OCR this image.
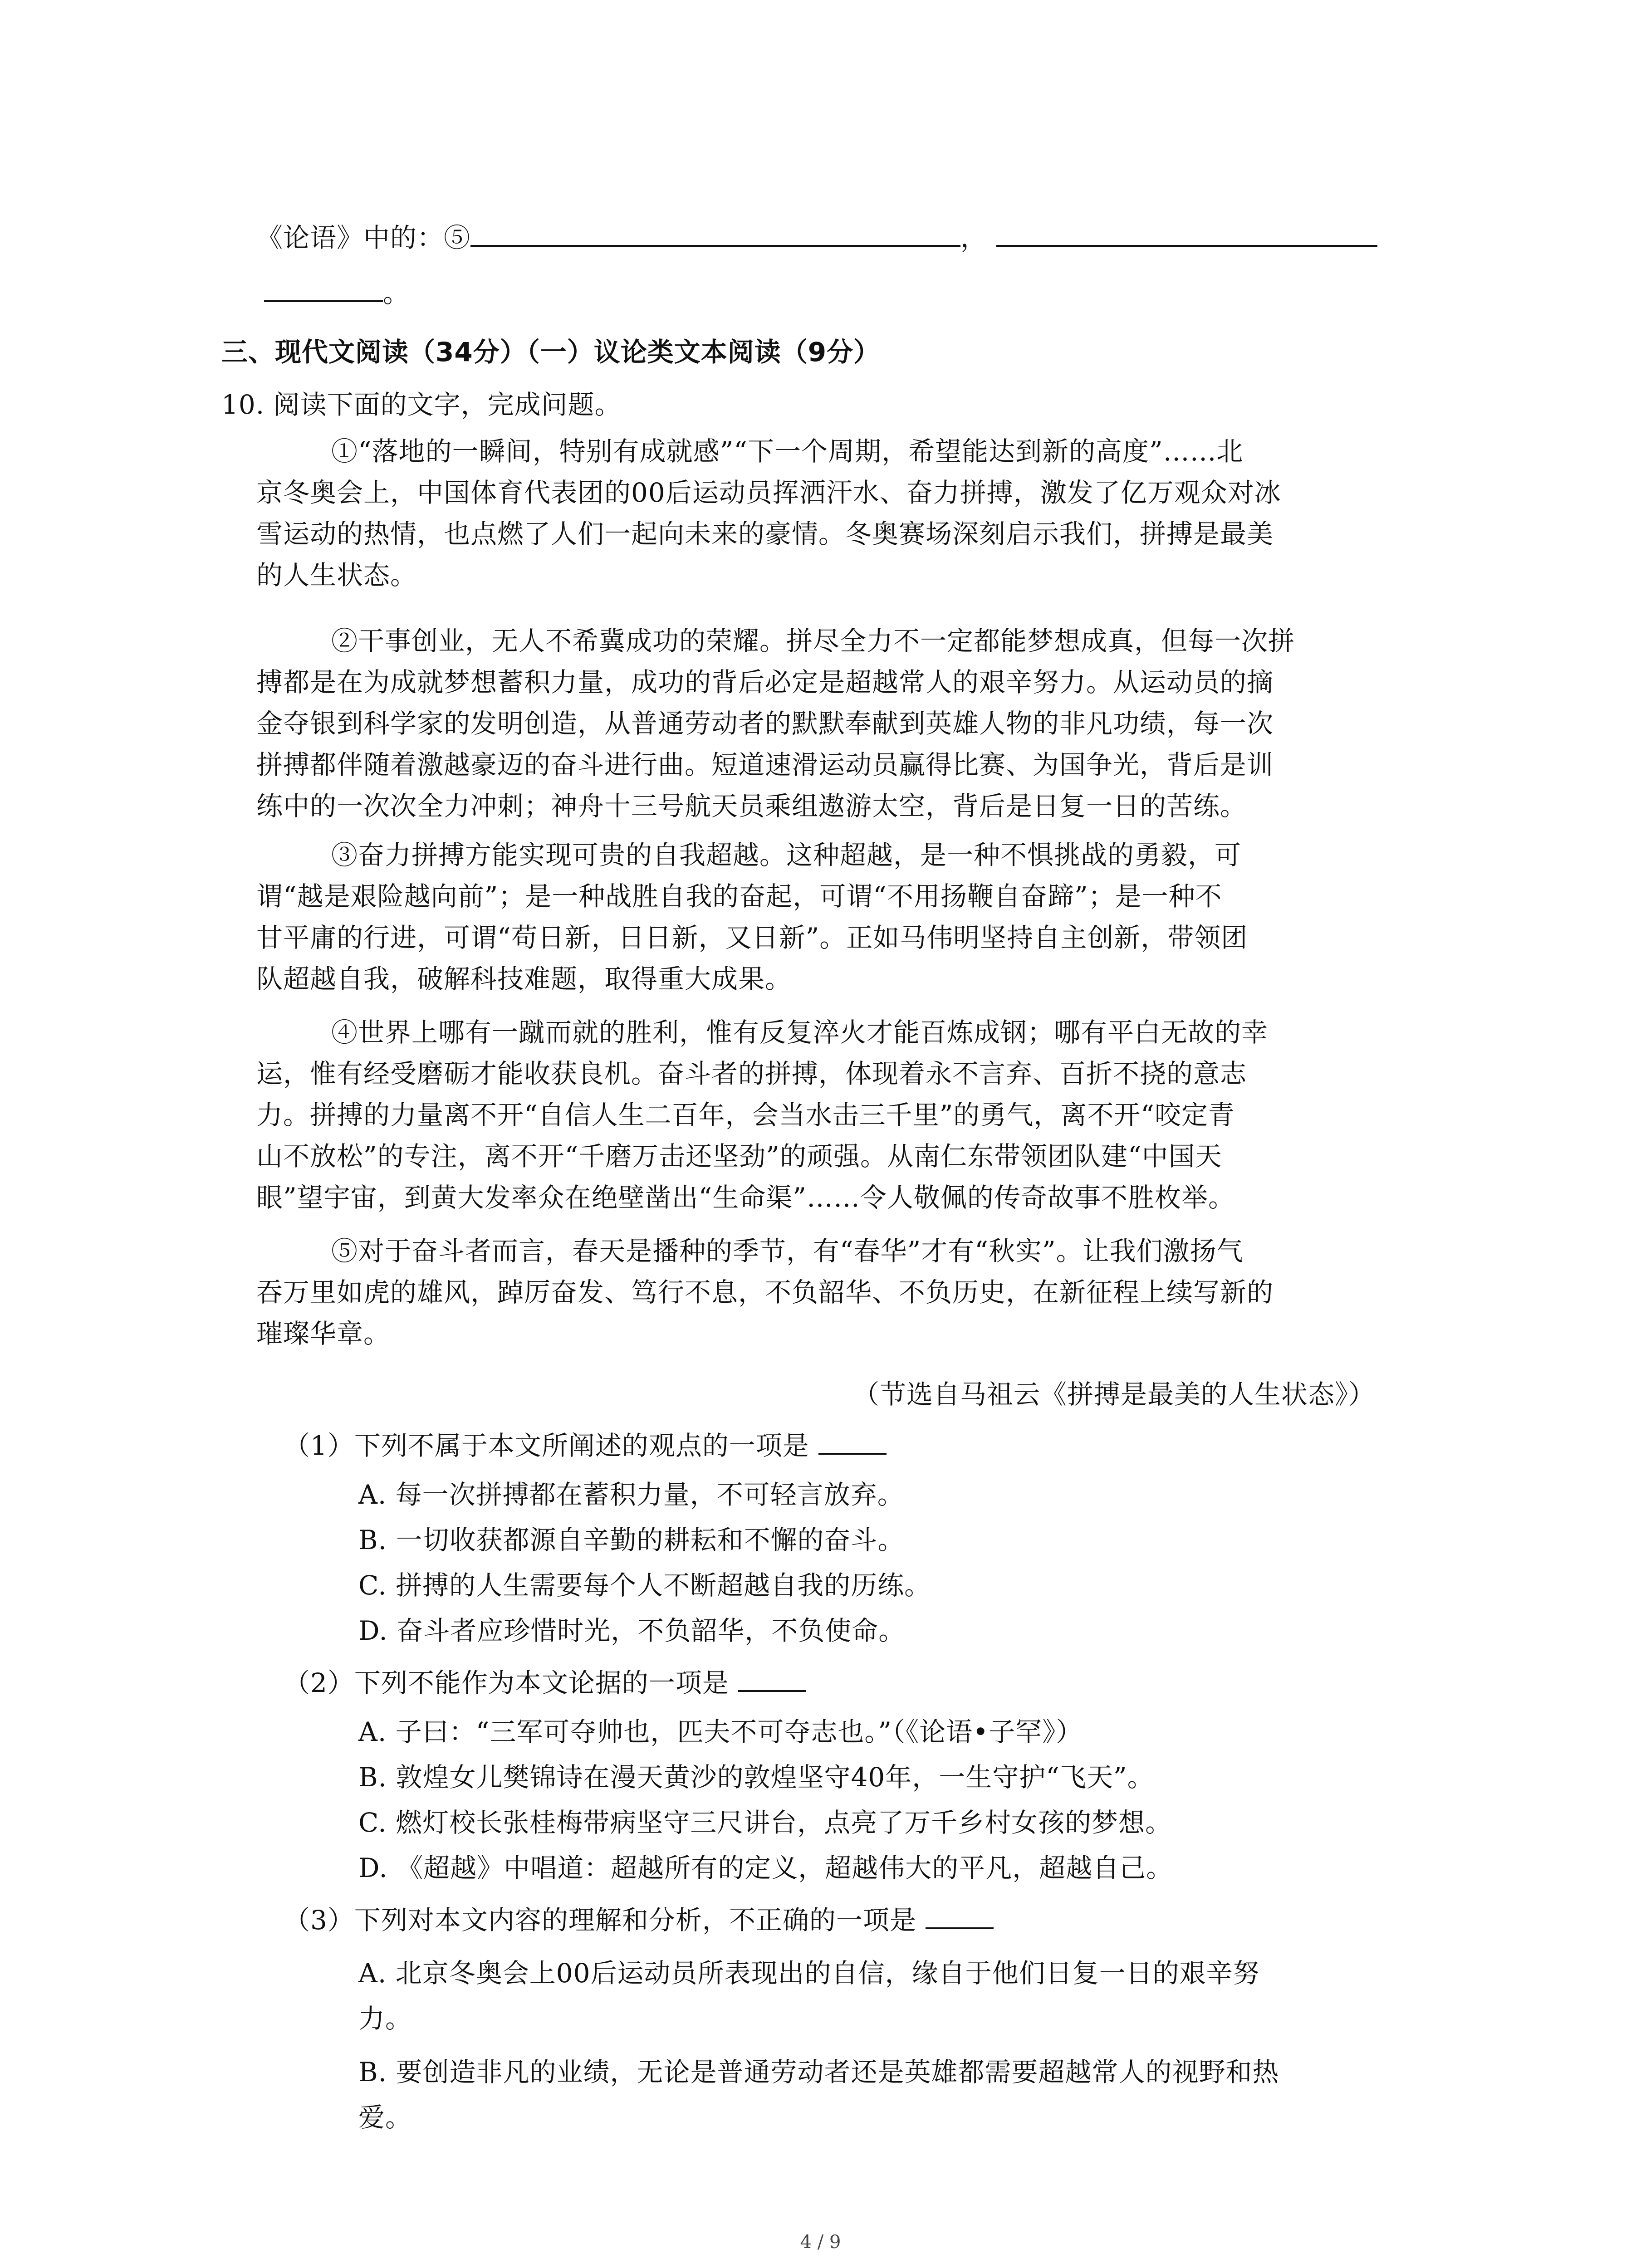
《论语》中的：⑤	，
。
三、现代文阅读（34分）（一）议论类文本阅读（9分）
10. 阅读下面的文字，完成问题。
①“落地的一瞬间，特别有成就感”“下一个周期，希望能达到新的高度”……北
京冬奥会上，中国体育代表团的00后运动员挥洒汗水、奋力拼搏，激发了亿万观众对冰
雪运动的热情，也点燃了人们一起向未来的豪情。冬奥赛场深刻启示我们，拼搏是最美
的人生状态。
②干事创业，无人不希冀成功的荣耀。拼尽全力不一定都能梦想成真，但每一次拼
搏都是在为成就梦想蓄积力量，成功的背后必定是超越常人的艰辛努力。从运动员的摘
金夺银到科学家的发明创造，从普通劳动者的默默奉献到英雄人物的非凡功绩，每一次
拼搏都伴随着激越豪迈的奋斗进行曲。短道速滑运动员赢得比赛、为国争光，背后是训
练中的一次次全力冲刺；神舟十三号航天员乘组遨游太空，背后是日复一日的苦练。
③奋力拼搏方能实现可贵的自我超越。这种超越，是一种不惧挑战的勇毅，可
谓“越是艰险越向前”；是一种战胜自我的奋起，可谓“不用扬鞭自奋蹄”；是一种不
甘平庸的行进，可谓“苟日新，日日新，又日新”。正如马伟明坚持自主创新，带领团
队超越自我，破解科技难题，取得重大成果。
④世界上哪有一蹴而就的胜利，惟有反复淬火才能百炼成钢；哪有平白无故的幸
运，惟有经受磨砺才能收获良机。奋斗者的拼搏，体现着永不言弃、百折不挠的意志
力。拼搏的力量离不开“自信人生二百年，会当水击三千里”的勇气，离不开“咬定青
山不放松”的专注，离不开“千磨万击还坚劲”的顽强。从南仁东带领团队建“中国天
眼”望宇宙，到黄大发率众在绝壁凿出“生命渠”……令人敬佩的传奇故事不胜枚举。
⑤对于奋斗者而言，春天是播种的季节，有“春华”才有“秋实”。让我们激扬气
吞万里如虎的雄风，踔厉奋发、笃行不息，不负韶华、不负历史，在新征程上续写新的
璀璨华章。
（节选自马祖云《拼搏是最美的人生状态》）
（1）下列不属于本文所阐述的观点的一项是
A. 每一次拼搏都在蓄积力量，不可轻言放弃。
B. 一切收获都源自辛勤的耕耘和不懈的奋斗。
C. 拼搏的人生需要每个人不断超越自我的历练。
D. 奋斗者应珍惜时光，不负韶华，不负使命。
（2）下列不能作为本文论据的一项是
A. 子曰：“三军可夺帅也，匹夫不可夺志也。”（《论语•子罕》）
B. 敦煌女儿樊锦诗在漫天黄沙的敦煌坚守40年，一生守护“飞天”。
C. 燃灯校长张桂梅带病坚守三尺讲台，点亮了万千乡村女孩的梦想。
D. 《超越》中唱道：超越所有的定义，超越伟大的平凡，超越自己。
（3）下列对本文内容的理解和分析，不正确的一项是
A. 北京冬奥会上00后运动员所表现出的自信，缘自于他们日复一日的艰辛努
力。
B. 要创造非凡的业绩，无论是普通劳动者还是英雄都需要超越常人的视野和热
爱。
4 / 9
